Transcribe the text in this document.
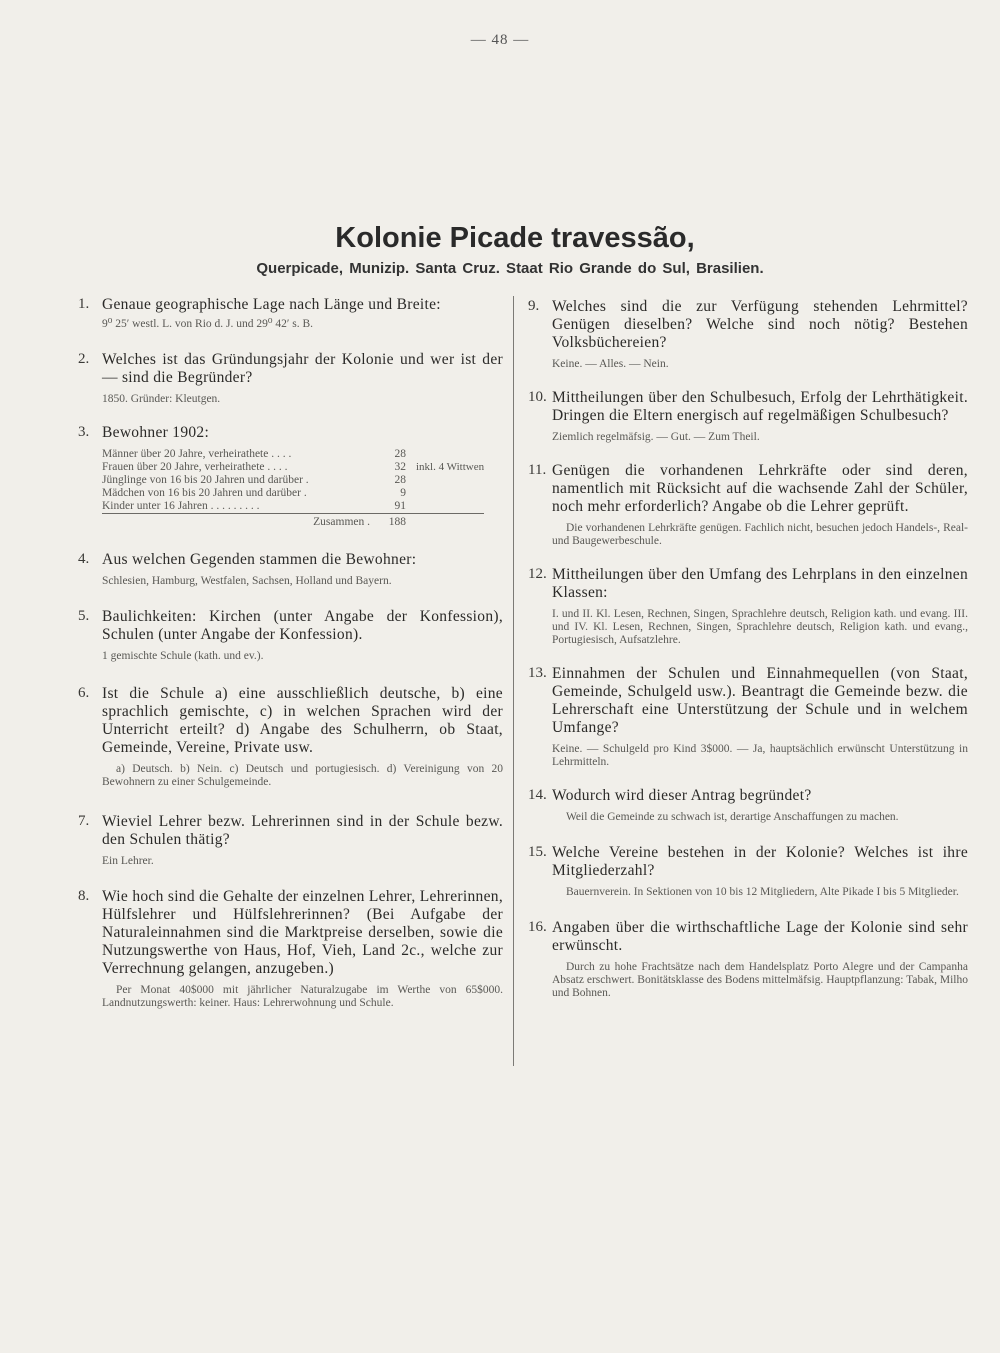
— 48 —
Kolonie Picade travessão,
Querpicade, Munizip. Santa Cruz. Staat Rio Grande do Sul, Brasilien.
1. Genaue geographische Lage nach Länge und Breite:
9⁰ 25′ westl. L. von Rio d. J. und 29⁰ 42′ s. B.
2. Welches ist das Gründungsjahr der Kolonie und wer ist der — sind die Begründer?
1850. Gründer: Kleutgen.
3. Bewohner 1902:
Männer über 20 Jahre, verheirathete . . . .	28	
Frauen über 20 Jahre, verheirathete . . . .	32	inkl. 4 Wittwen
Jünglinge von 16 bis 20 Jahren und darüber .	28	
Mädchen von 16 bis 20 Jahren und darüber .	9	
Kinder unter 16 Jahren . . . . . . . . .	91	
Zusammen .	188	
4. Aus welchen Gegenden stammen die Bewohner:
Schlesien, Hamburg, Westfalen, Sachsen, Holland und Bayern.
5. Baulichkeiten: Kirchen (unter Angabe der Konfession), Schulen (unter Angabe der Konfession).
1 gemischte Schule (kath. und ev.).
6. Ist die Schule a) eine ausschließlich deutsche, b) eine sprachlich gemischte, c) in welchen Sprachen wird der Unterricht erteilt? d) Angabe des Schulherrn, ob Staat, Gemeinde, Vereine, Private usw.
a) Deutsch. b) Nein. c) Deutsch und portugiesisch. d) Vereinigung von 20 Bewohnern zu einer Schulgemeinde.
7. Wieviel Lehrer bezw. Lehrerinnen sind in der Schule bezw. den Schulen thätig?
Ein Lehrer.
8. Wie hoch sind die Gehalte der einzelnen Lehrer, Lehrerinnen, Hülfslehrer und Hülfslehrerinnen? (Bei Aufgabe der Naturaleinnahmen sind die Marktpreise derselben, sowie die Nutzungswerthe von Haus, Hof, Vieh, Land 2c., welche zur Verrechnung gelangen, anzugeben.)
Per Monat 40$000 mit jährlicher Naturalzugabe im Werthe von 65$000. Landnutzungswerth: keiner. Haus: Lehrerwohnung und Schule.
9. Welches sind die zur Verfügung stehenden Lehrmittel? Genügen dieselben? Welche sind noch nötig? Bestehen Volksbüchereien?
Keine. — Alles. — Nein.
10. Mittheilungen über den Schulbesuch, Erfolg der Lehrthätigkeit. Dringen die Eltern energisch auf regelmäßigen Schulbesuch?
Ziemlich regelmäfsig. — Gut. — Zum Theil.
11. Genügen die vorhandenen Lehrkräfte oder sind deren, namentlich mit Rücksicht auf die wachsende Zahl der Schüler, noch mehr erforderlich? Angabe ob die Lehrer geprüft.
Die vorhandenen Lehrkräfte genügen. Fachlich nicht, besuchen jedoch Handels-, Real- und Baugewerbeschule.
12. Mittheilungen über den Umfang des Lehrplans in den einzelnen Klassen:
I. und II. Kl. Lesen, Rechnen, Singen, Sprachlehre deutsch, Religion kath. und evang. III. und IV. Kl. Lesen, Rechnen, Singen, Sprachlehre deutsch, Religion kath. und evang., Portugiesisch, Aufsatzlehre.
13. Einnahmen der Schulen und Einnahmequellen (von Staat, Gemeinde, Schulgeld usw.). Beantragt die Gemeinde bezw. die Lehrerschaft eine Unterstützung der Schule und in welchem Umfange?
Keine. — Schulgeld pro Kind 3$000. — Ja, hauptsächlich erwünscht Unterstützung in Lehrmitteln.
14. Wodurch wird dieser Antrag begründet?
Weil die Gemeinde zu schwach ist, derartige Anschaffungen zu machen.
15. Welche Vereine bestehen in der Kolonie? Welches ist ihre Mitgliederzahl?
Bauernverein. In Sektionen von 10 bis 12 Mitgliedern, Alte Pikade I bis 5 Mitglieder.
16. Angaben über die wirthschaftliche Lage der Kolonie sind sehr erwünscht.
Durch zu hohe Frachtsätze nach dem Handelsplatz Porto Alegre und der Campanha Absatz erschwert. Bonitätsklasse des Bodens mittelmäfsig. Hauptpflanzung: Tabak, Milho und Bohnen.
